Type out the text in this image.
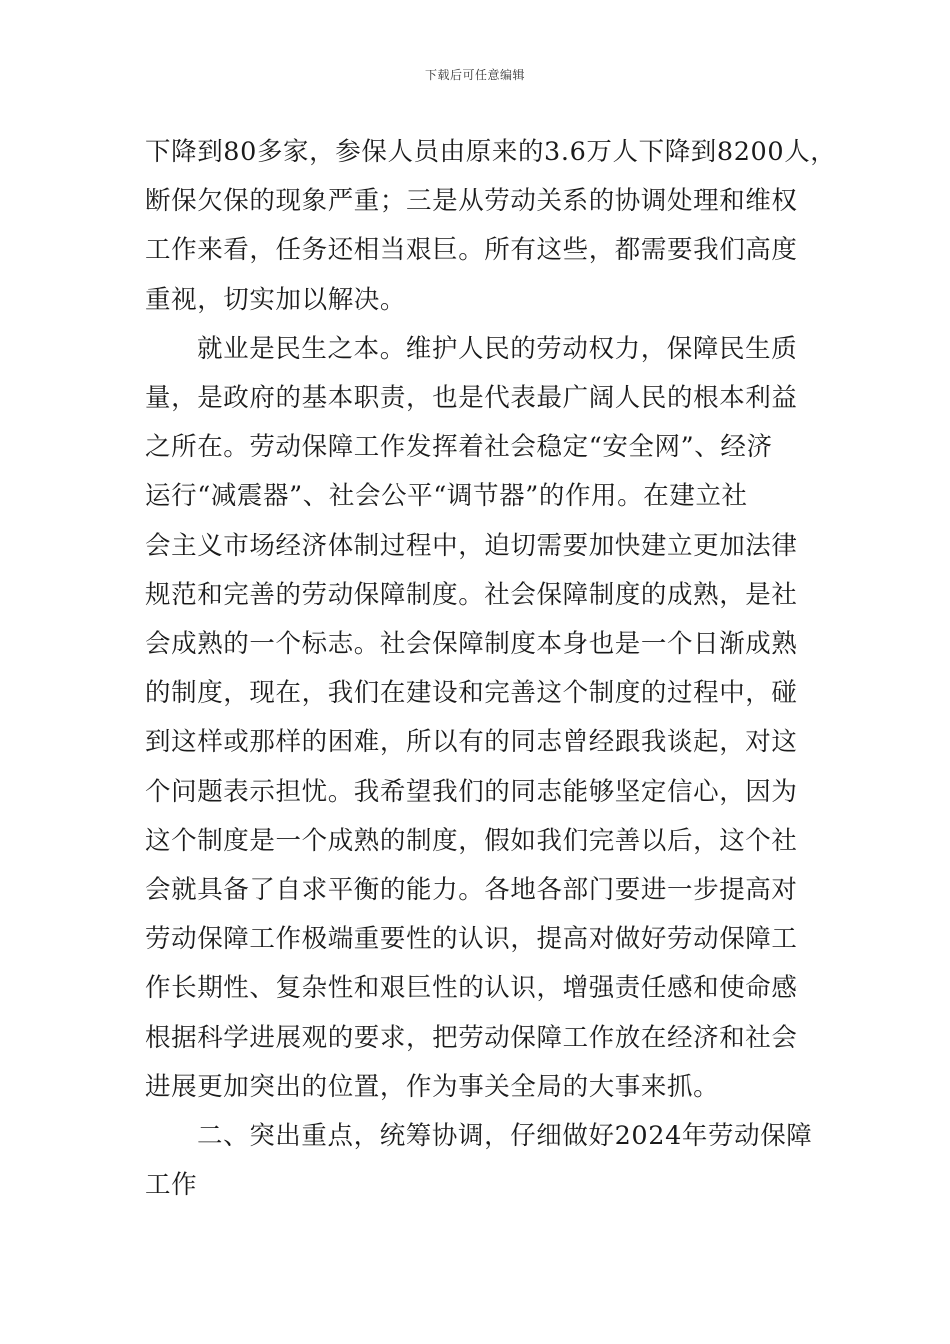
下载后可任意编辑
下降到80多家，参保人员由原来的3.6万人下降到8200人，
断保欠保的现象严重；三是从劳动关系的协调处理和维权
工作来看，任务还相当艰巨。所有这些，都需要我们高度
重视，切实加以解决。
就业是民生之本。维护人民的劳动权力，保障民生质
量，是政府的基本职责，也是代表最广阔人民的根本利益
之所在。劳动保障工作发挥着社会稳定“安全网”、经济
运行“减震器”、社会公平“调节器”的作用。在建立社
会主义市场经济体制过程中，迫切需要加快建立更加法律
规范和完善的劳动保障制度。社会保障制度的成熟，是社
会成熟的一个标志。社会保障制度本身也是一个日渐成熟
的制度，现在，我们在建设和完善这个制度的过程中，碰
到这样或那样的困难，所以有的同志曾经跟我谈起，对这
个问题表示担忧。我希望我们的同志能够坚定信心，因为
这个制度是一个成熟的制度，假如我们完善以后，这个社
会就具备了自求平衡的能力。各地各部门要进一步提高对
劳动保障工作极端重要性的认识，提高对做好劳动保障工
作长期性、复杂性和艰巨性的认识，增强责任感和使命感
根据科学进展观的要求，把劳动保障工作放在经济和社会
进展更加突出的位置，作为事关全局的大事来抓。
二、突出重点，统筹协调，仔细做好2024年劳动保障
工作
